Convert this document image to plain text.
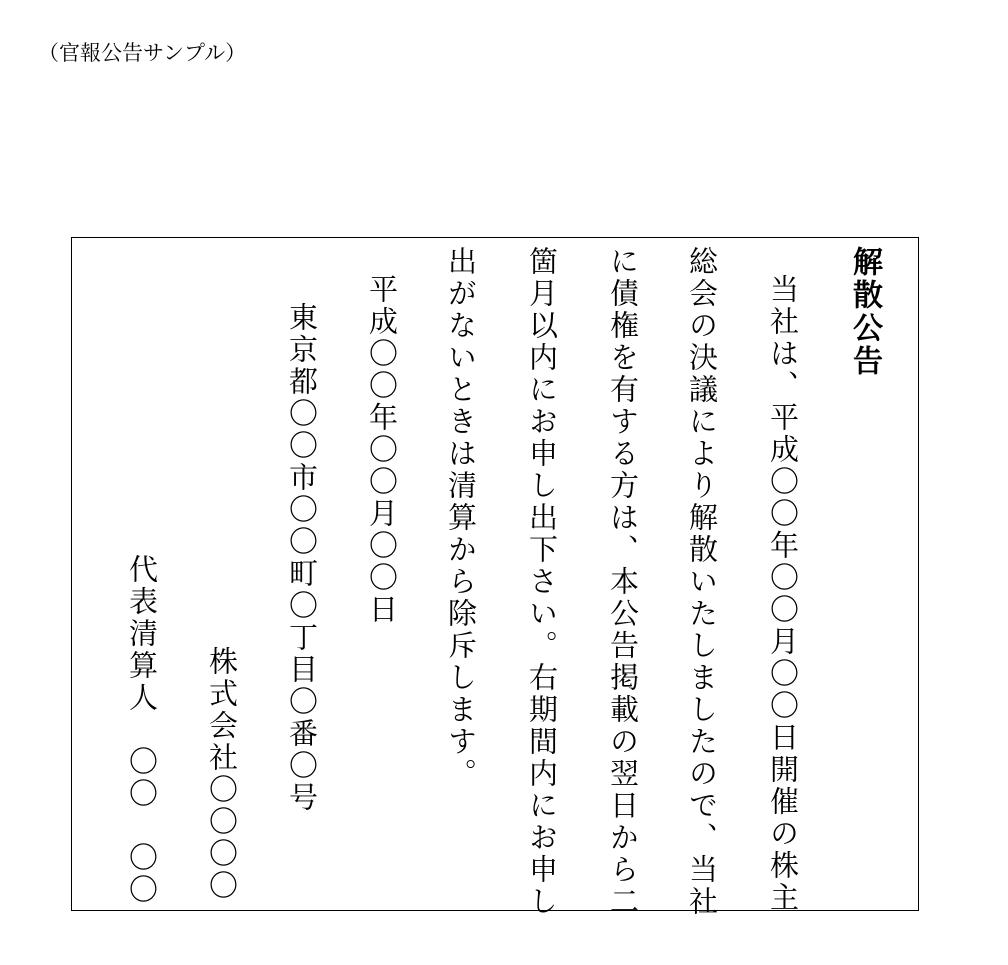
（官報公告サンプル）
解散公告
当社は、平成〇〇年〇〇月〇〇日開催の株主
総会の決議により解散いたしましたので、当社
に債権を有する方は、本公告掲載の翌日から二
箇月以内にお申し出下さい。右期間内にお申し
出がないときは清算から除斥します。
平成〇〇年〇〇月〇〇日
東京都〇〇市〇〇町〇丁目〇番〇号
株式会社〇〇〇〇
代表清算人　〇〇　〇〇
